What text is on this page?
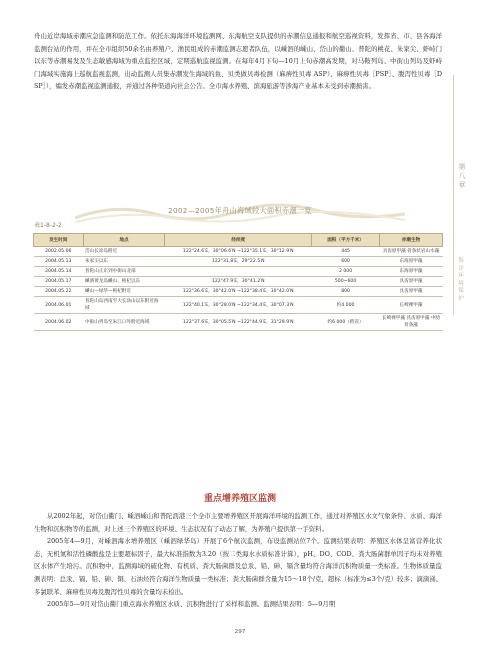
舟山近岸海域赤潮应急监测和防范工作。依托东海海洋环境监测网、东海航空支队提供的赤潮信息通报和航空巡视资料，发挥省、市、县各海洋监测台站的作用，并在全市组织50余名由养殖户、渔民组成的赤潮监测志愿者队伍，以嵊泗的嵊山、岱山的衢山、普陀的桃花、朱家尖、虾峙门以东等赤潮易发及生态敏感海域为重点监控区域，定期巡航监视监测。在每年4月下旬—10月上旬赤潮高发期，对马鞍列岛、中街山列岛及虾峙门海域实施海上巡航监视监测，出动监测人员集赤潮发生海域的鱼、贝类做贝毒检测（麻痹性贝毒 ASP）、麻痹性贝毒［PSP］、腹泻性贝毒［DSP］），编发赤潮监视监测通报，并通过各种渠道向社会公告。全市海水养殖、滨海旅游等涉海产业基本未受到赤潮损害。

2002—2005年舟山海域较大面积赤潮一览
表1-8-2-2
发生时间	地点	经纬度	面积（平方千米）	赤潮生物
2002.05.06	岱山长涂岛附近	122°24.6′E，30°06.6′N ~122°35.1′E，30°12.9′N	445	具齿原甲藻 骨条状岩山水藻
2004.05.13	朱家尖以东	122°31.8′E，29°22.5′N	600	东海原甲藻
2004.05.14	普陀山正东到中街山北部		2 000	东海原甲藻
2004.05.17	嵊泗黄龙岛嵊山、枸杞以东	122°47.9′E，30°41.2′N	500~600	具齿原甲藻
2004.05.22	嵊山—绿华—枸杞附近	122°36.6′E，30°42.0′N ~122°38.4′E，30°42.0′N	800	具齿原甲藻
2004.06.01	普陀山岛西南至大长涂山以东附近海域	122°40.1′E，30°28.0′N ~122°34.4′E，30°07.3′N	约4 000	长崎裸甲藻
2004.06.02	中街山列岛至朱江口外附近海域	122°37.6′E，30°05.5′N ~122°44.9′E，31°29.9′N	约6 000（跨省）	长崎裸甲藻 具齿原甲藻 中肋骨条藻
重点增养殖区监测

从2002年起，对岱山衢门、嵊泗嵊山和普陀沥港三个全市主要增养殖区开展海洋环境的监测工作，通过对养殖区水文气象条件、水质、海洋生物和沉积物等的监测，对上述三个养殖区的环境、生态状况有了动态了解，为养殖户提供第一手资料。

2005年4—9月，对嵊泗海水增养殖区（嵊泗绿华岛）开展了6个航次监测，布设监测站位7个。监测结果表明：养殖区水体呈富营养化状态，无机氮和活性磷酸盐是主要超标因子，最大标准指数为3.20（按二类海水水质标准计算），pH、DO、COD、粪大肠菌群单因子均未对养殖区水体产生培污。沉积物中，监测海域的硫化物、有机质、粪大肠菌群及总汞、铅、砷、镉含量均符合海洋沉积物质量一类标准。生物体质量监测表明：总汞、镉、铅、砷、铜、石油烃符合海洋生物质量一类标准；粪大肠菌群含量为15～18个/克，超标（标准为≤3个/克）较多；滴滴涕、多氯联苯、麻痹性贝毒及腹泻性贝毒的含量均未检出。

2005年5—9月对岱山衢门重点海水养殖区水质、沉积物进行了采样和监测。监测结果表明：5—9月期

第八章
海洋环境保护
297
